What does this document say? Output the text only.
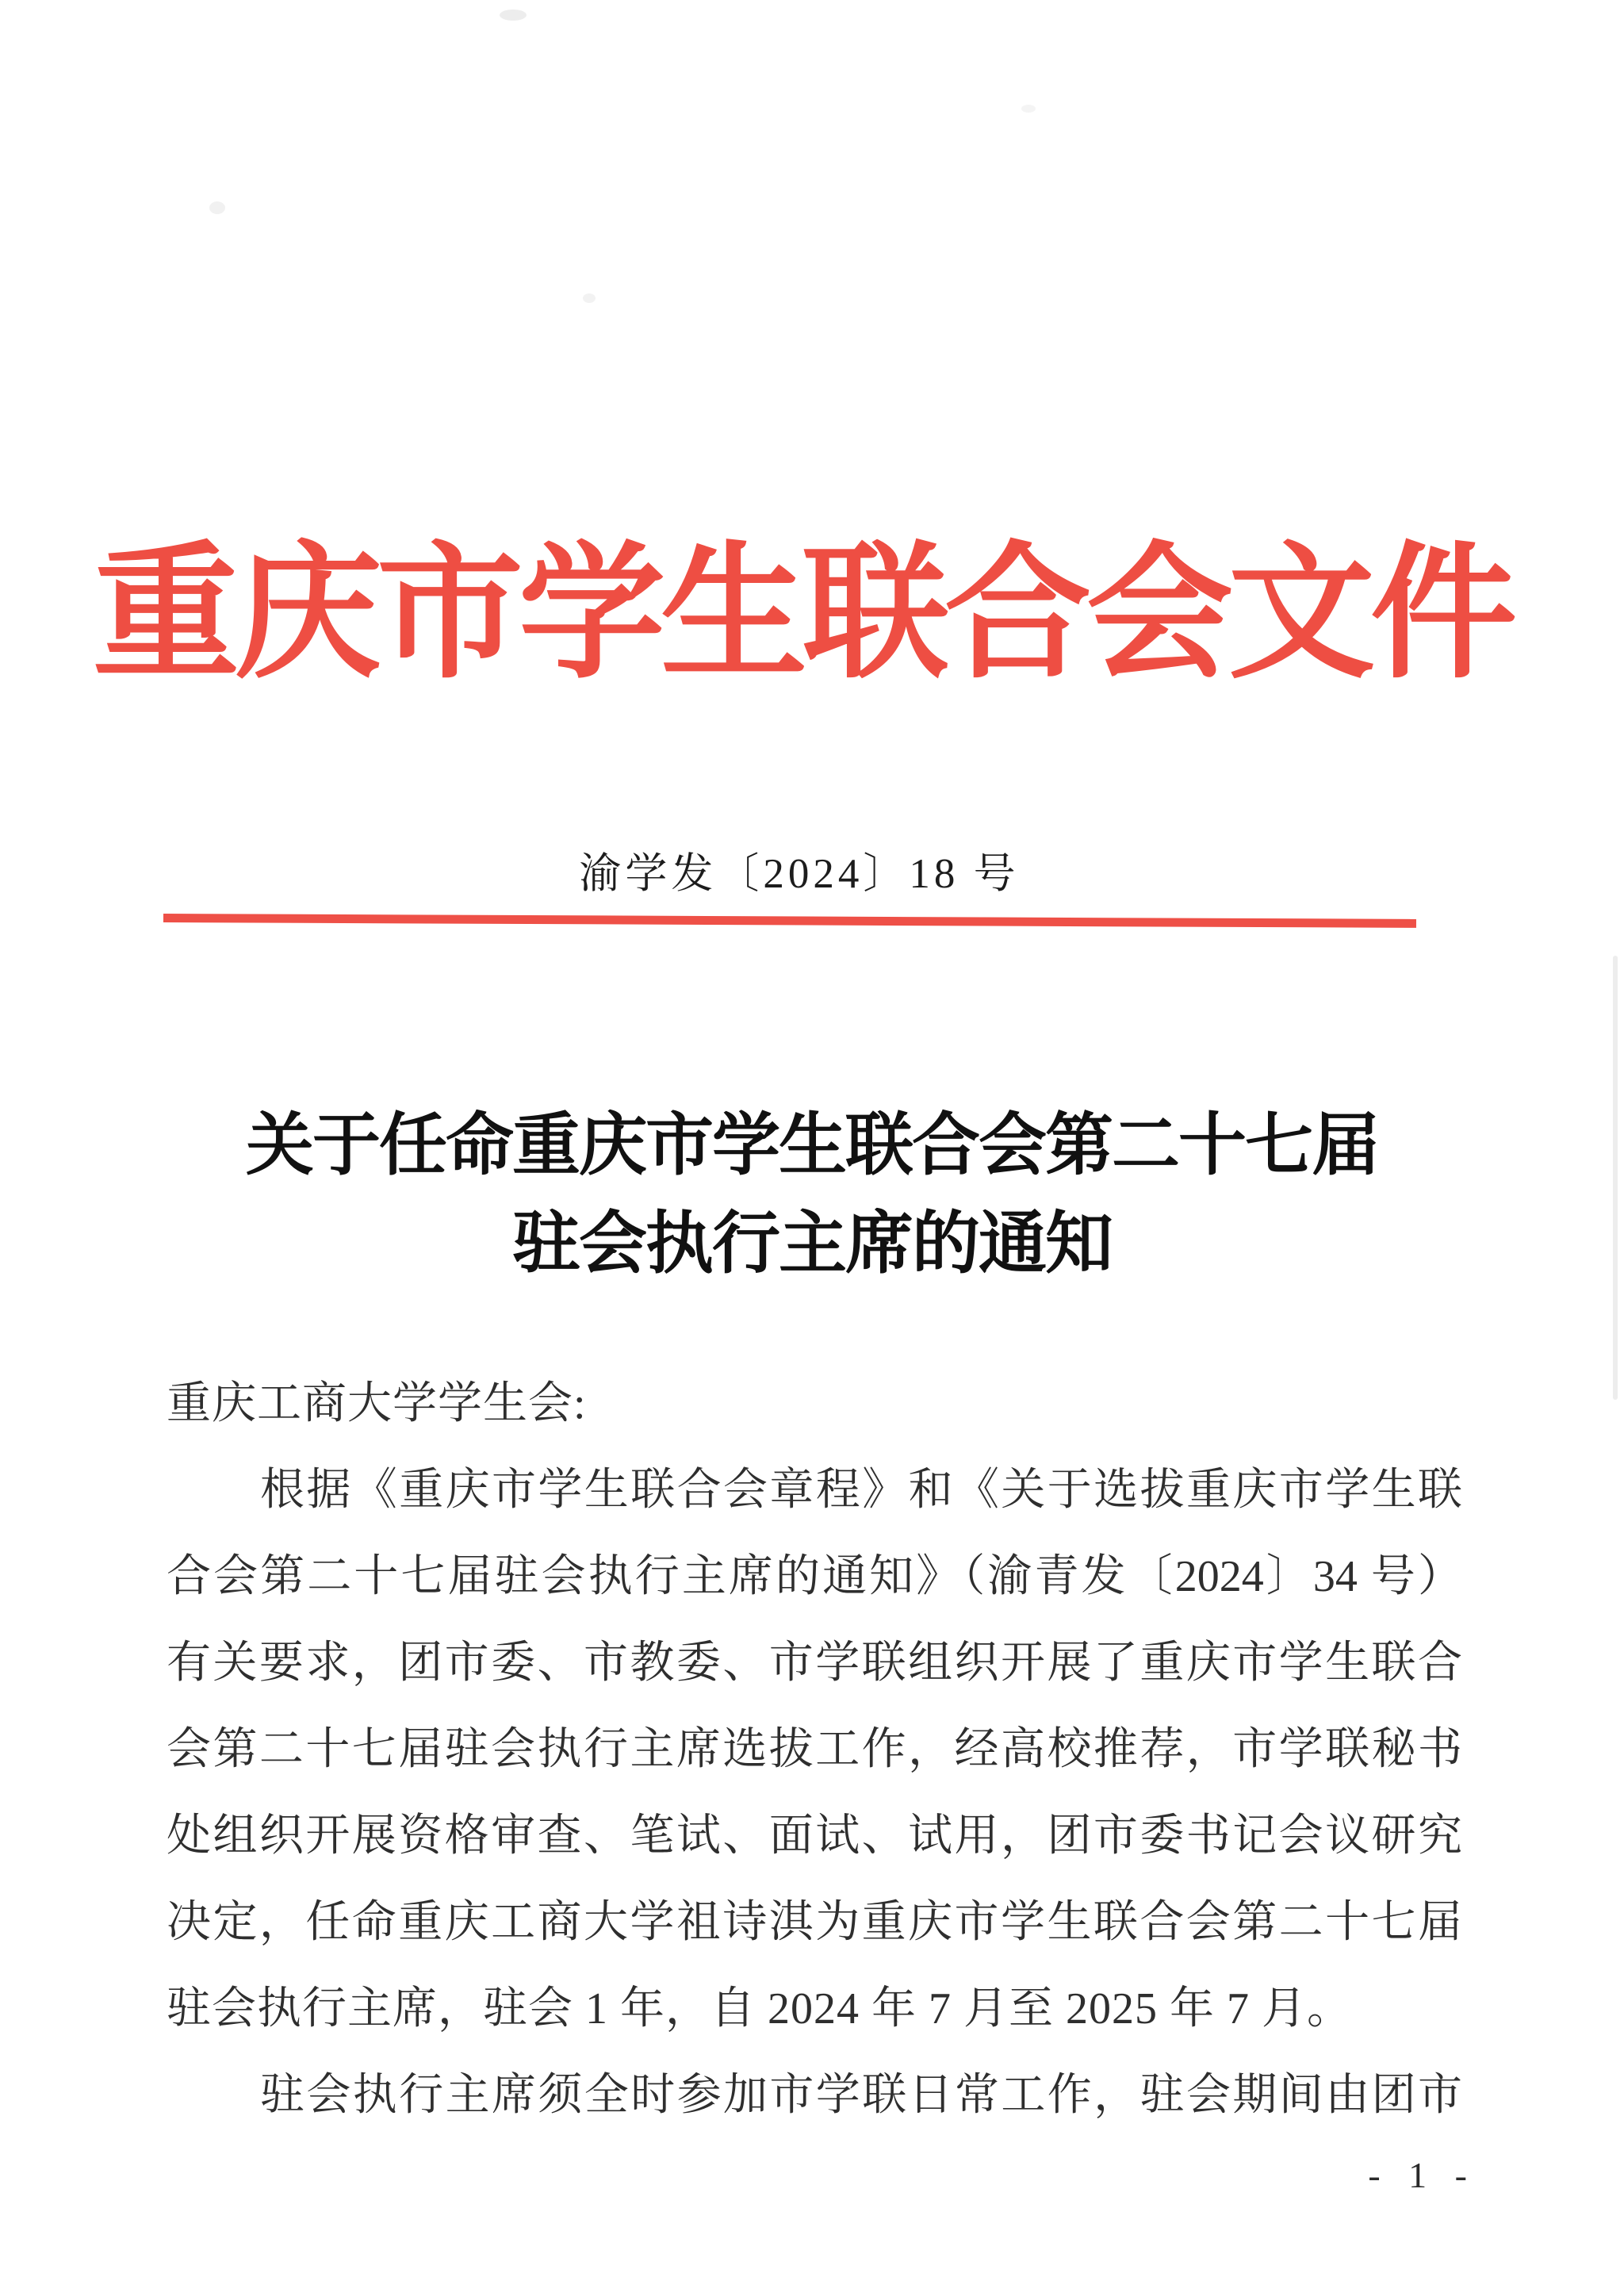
重庆市学生联合会文件
渝学发〔2024〕18 号
关于任命重庆市学生联合会第二十七届
驻会执行主席的通知
重庆工商大学学生会:
根据《重庆市学生联合会章程》和《关于选拔重庆市学生联
合会第二十七届驻会执行主席的通知》（渝青发〔2024〕34 号）
有关要求，团市委、市教委、市学联组织开展了重庆市学生联合
会第二十七届驻会执行主席选拔工作，经高校推荐，市学联秘书
处组织开展资格审查、笔试、面试、试用，团市委书记会议研究
决定，任命重庆工商大学祖诗淇为重庆市学生联合会第二十七届
驻会执行主席，驻会 1 年，自 2024 年 7 月至 2025 年 7 月。
驻会执行主席须全时参加市学联日常工作，驻会期间由团市
- 1 -
